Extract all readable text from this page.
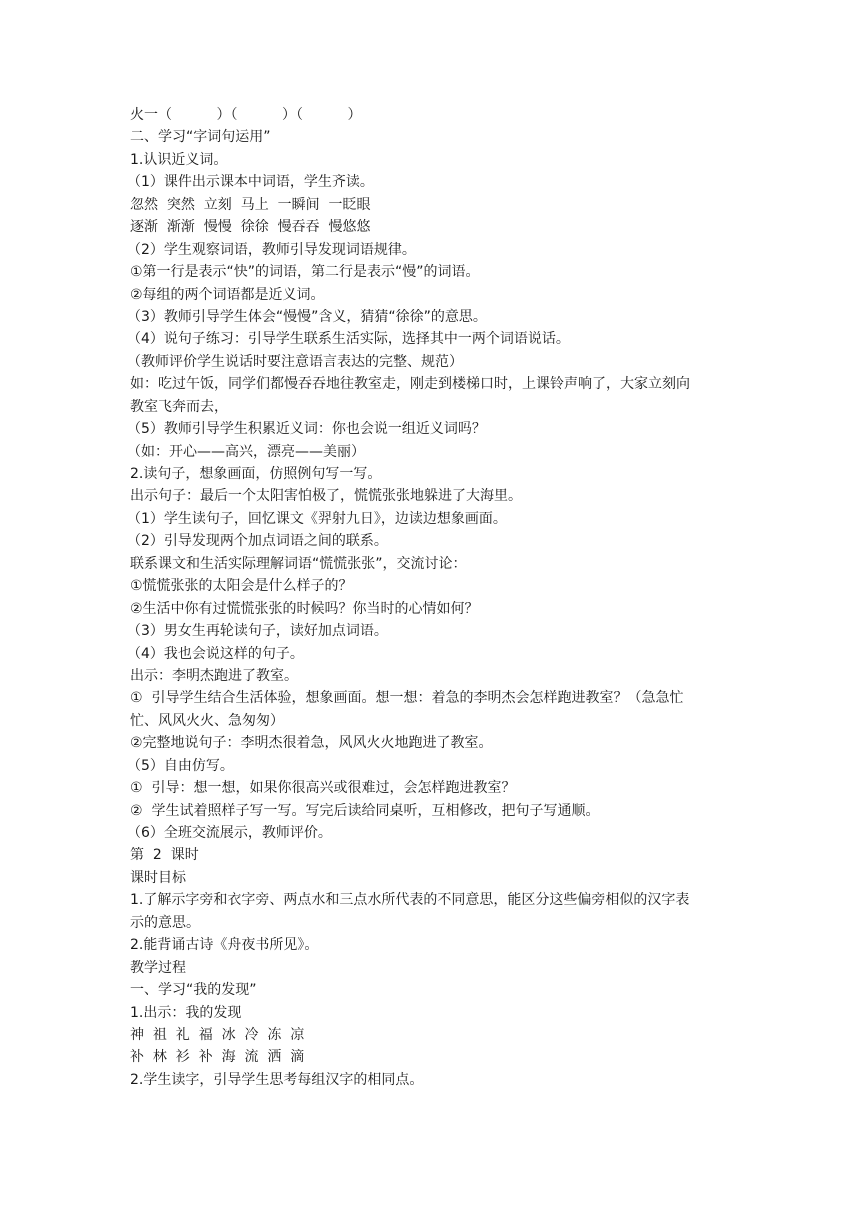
火一（          ）（          ）（          ）
二、学习“字词句运用”
1.认识近义词。
（1）课件出示课本中词语，学生齐读。
忽然  突然  立刻  马上  一瞬间  一眨眼
逐渐  渐渐  慢慢  徐徐  慢吞吞  慢悠悠
（2）学生观察词语，教师引导发现词语规律。
①第一行是表示“快”的词语，第二行是表示“慢”的词语。
②每组的两个词语都是近义词。
（3）教师引导学生体会“慢慢”含义，猜猜“徐徐”的意思。
（4）说句子练习：引导学生联系生活实际，选择其中一两个词语说话。
（教师评价学生说话时要注意语言表达的完整、规范）
如：吃过午饭，同学们都慢吞吞地往教室走，刚走到楼梯口时，上课铃声响了，大家立刻向
教室飞奔而去，
（5）教师引导学生积累近义词：你也会说一组近义词吗？
（如：开心——高兴，漂亮——美丽）
2.读句子，想象画面，仿照例句写一写。
出示句子：最后一个太阳害怕极了，慌慌张张地躲进了大海里。
（1）学生读句子，回忆课文《羿射九日》，边读边想象画面。
（2）引导发现两个加点词语之间的联系。
联系课文和生活实际理解词语“慌慌张张”，交流讨论：
①慌慌张张的太阳会是什么样子的？
②生活中你有过慌慌张张的时候吗？你当时的心情如何？
（3）男女生再轮读句子，读好加点词语。
（4）我也会说这样的句子。
出示：李明杰跑进了教室。
①  引导学生结合生活体验，想象画面。想一想：着急的李明杰会怎样跑进教室？（急急忙
忙、风风火火、急匆匆）
②完整地说句子：李明杰很着急，风风火火地跑进了教室。
（5）自由仿写。
①  引导：想一想，如果你很高兴或很难过，会怎样跑进教室？
②  学生试着照样子写一写。写完后读给同桌听，互相修改，把句子写通顺。
（6）全班交流展示，教师评价。
第  2  课时
课时目标
1.了解示字旁和衣字旁、两点水和三点水所代表的不同意思，能区分这些偏旁相似的汉字表
示的意思。
2.能背诵古诗《舟夜书所见》。
教学过程
一、学习“我的发现”
1.出示：我的发现
神  祖  礼  福  冰  冷  冻  凉
补  林  衫  补  海  流  洒  滴
2.学生读字，引导学生思考每组汉字的相同点。
